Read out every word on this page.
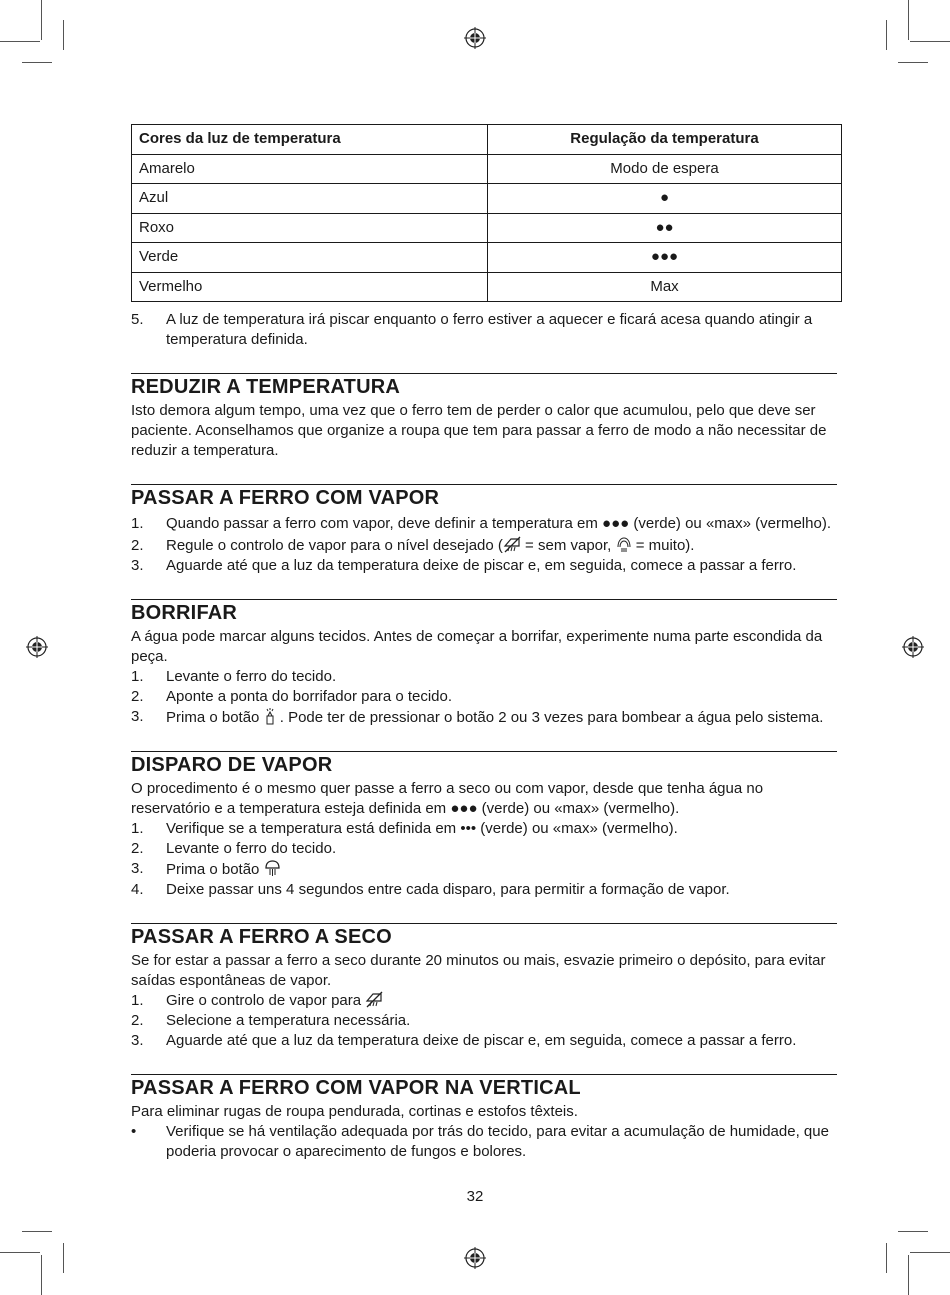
Cores da luz de temperatura	Regulação da temperatura
Amarelo	Modo de espera
Azul	●
Roxo	●●
Verde	●●●
Vermelho	Max
5. A luz de temperatura irá piscar enquanto o ferro estiver a aquecer e ficará acesa quando atingir a temperatura definida.
REDUZIR A TEMPERATURA

Isto demora algum tempo, uma vez que o ferro tem de perder o calor que acumulou, pelo que deve ser paciente. Aconselhamos que organize a roupa que tem para passar a ferro de modo a não necessitar de reduzir a temperatura.

PASSAR A FERRO COM VAPOR
1. Quando passar a ferro com vapor, deve definir a temperatura em ●●● (verde) ou «max» (vermelho).
2. Regule o controlo de vapor para o nível desejado ( = sem vapor,  = muito).
3. Aguarde até que a luz da temperatura deixe de piscar e, em seguida, comece a passar a ferro.
BORRIFAR

A água pode marcar alguns tecidos. Antes de começar a borrifar, experimente numa parte escondida da peça.

1. Levante o ferro do tecido.
2. Aponte a ponta do borrifador para o tecido.
3. Prima o botão  . Pode ter de pressionar o botão 2 ou 3 vezes para bombear a água pelo sistema.
DISPARO DE VAPOR

O procedimento é o mesmo quer passe a ferro a seco ou com vapor, desde que tenha água no reservatório e a temperatura esteja definida em ●●● (verde) ou «max» (vermelho).

1. Verifique se a temperatura está definida em ••• (verde) ou «max» (vermelho).
2. Levante o ferro do tecido.
3. Prima o botão
4. Deixe passar uns 4 segundos entre cada disparo, para permitir a formação de vapor.
PASSAR A FERRO A SECO

Se for estar a passar a ferro a seco durante 20 minutos ou mais, esvazie primeiro o depósito, para evitar saídas espontâneas de vapor.

1. Gire o controlo de vapor para
2. Selecione a temperatura necessária.
3. Aguarde até que a luz da temperatura deixe de piscar e, em seguida, comece a passar a ferro.
PASSAR A FERRO COM VAPOR NA VERTICAL

Para eliminar rugas de roupa pendurada, cortinas e estofos têxteis.

• Verifique se há ventilação adequada por trás do tecido, para evitar a acumulação de humidade, que poderia provocar o aparecimento de fungos e bolores.
32
